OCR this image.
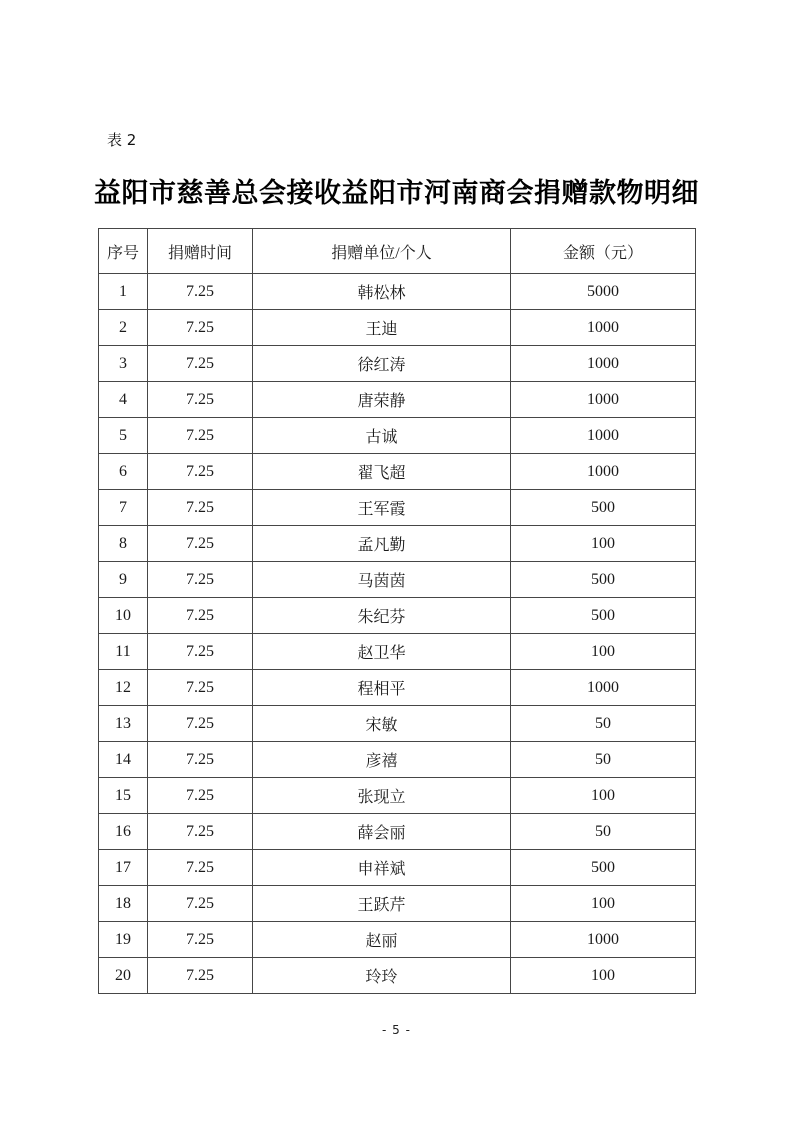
表 2
益阳市慈善总会接收益阳市河南商会捐赠款物明细
序号	捐赠时间	捐赠单位/个人	金额（元）
1	7.25	韩松林	5000
2	7.25	王迪	1000
3	7.25	徐红涛	1000
4	7.25	唐荣静	1000
5	7.25	古诚	1000
6	7.25	翟飞超	1000
7	7.25	王军霞	500
8	7.25	孟凡勤	100
9	7.25	马茵茵	500
10	7.25	朱纪芬	500
11	7.25	赵卫华	100
12	7.25	程相平	1000
13	7.25	宋敏	50
14	7.25	彦禧	50
15	7.25	张现立	100
16	7.25	薛会丽	50
17	7.25	申祥斌	500
18	7.25	王跃芹	100
19	7.25	赵丽	1000
20	7.25	玲玲	100
- 5 -
